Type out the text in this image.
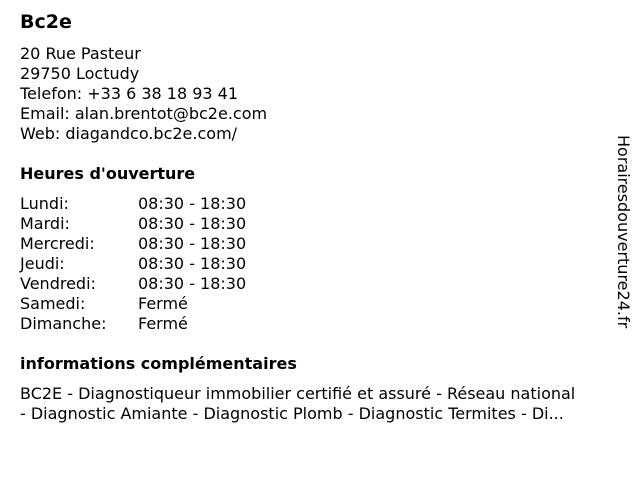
Bc2e
20 Rue Pasteur
29750 Loctudy
Telefon: +33 6 38 18 93 41
Email: alan.brentot@bc2e.com
Web: diagandco.bc2e.com/
Heures d'ouverture
Lundi:	08:30 - 18:30
Mardi:	08:30 - 18:30
Mercredi:	08:30 - 18:30
Jeudi:	08:30 - 18:30
Vendredi:	08:30 - 18:30
Samedi:	Fermé
Dimanche: Fermé
informations complémentaires
BC2E - Diagnostiqueur immobilier certifié et assuré - Réseau national
- Diagnostic Amiante - Diagnostic Plomb - Diagnostic Termites - Di...
Horairesdouverture24.fr
